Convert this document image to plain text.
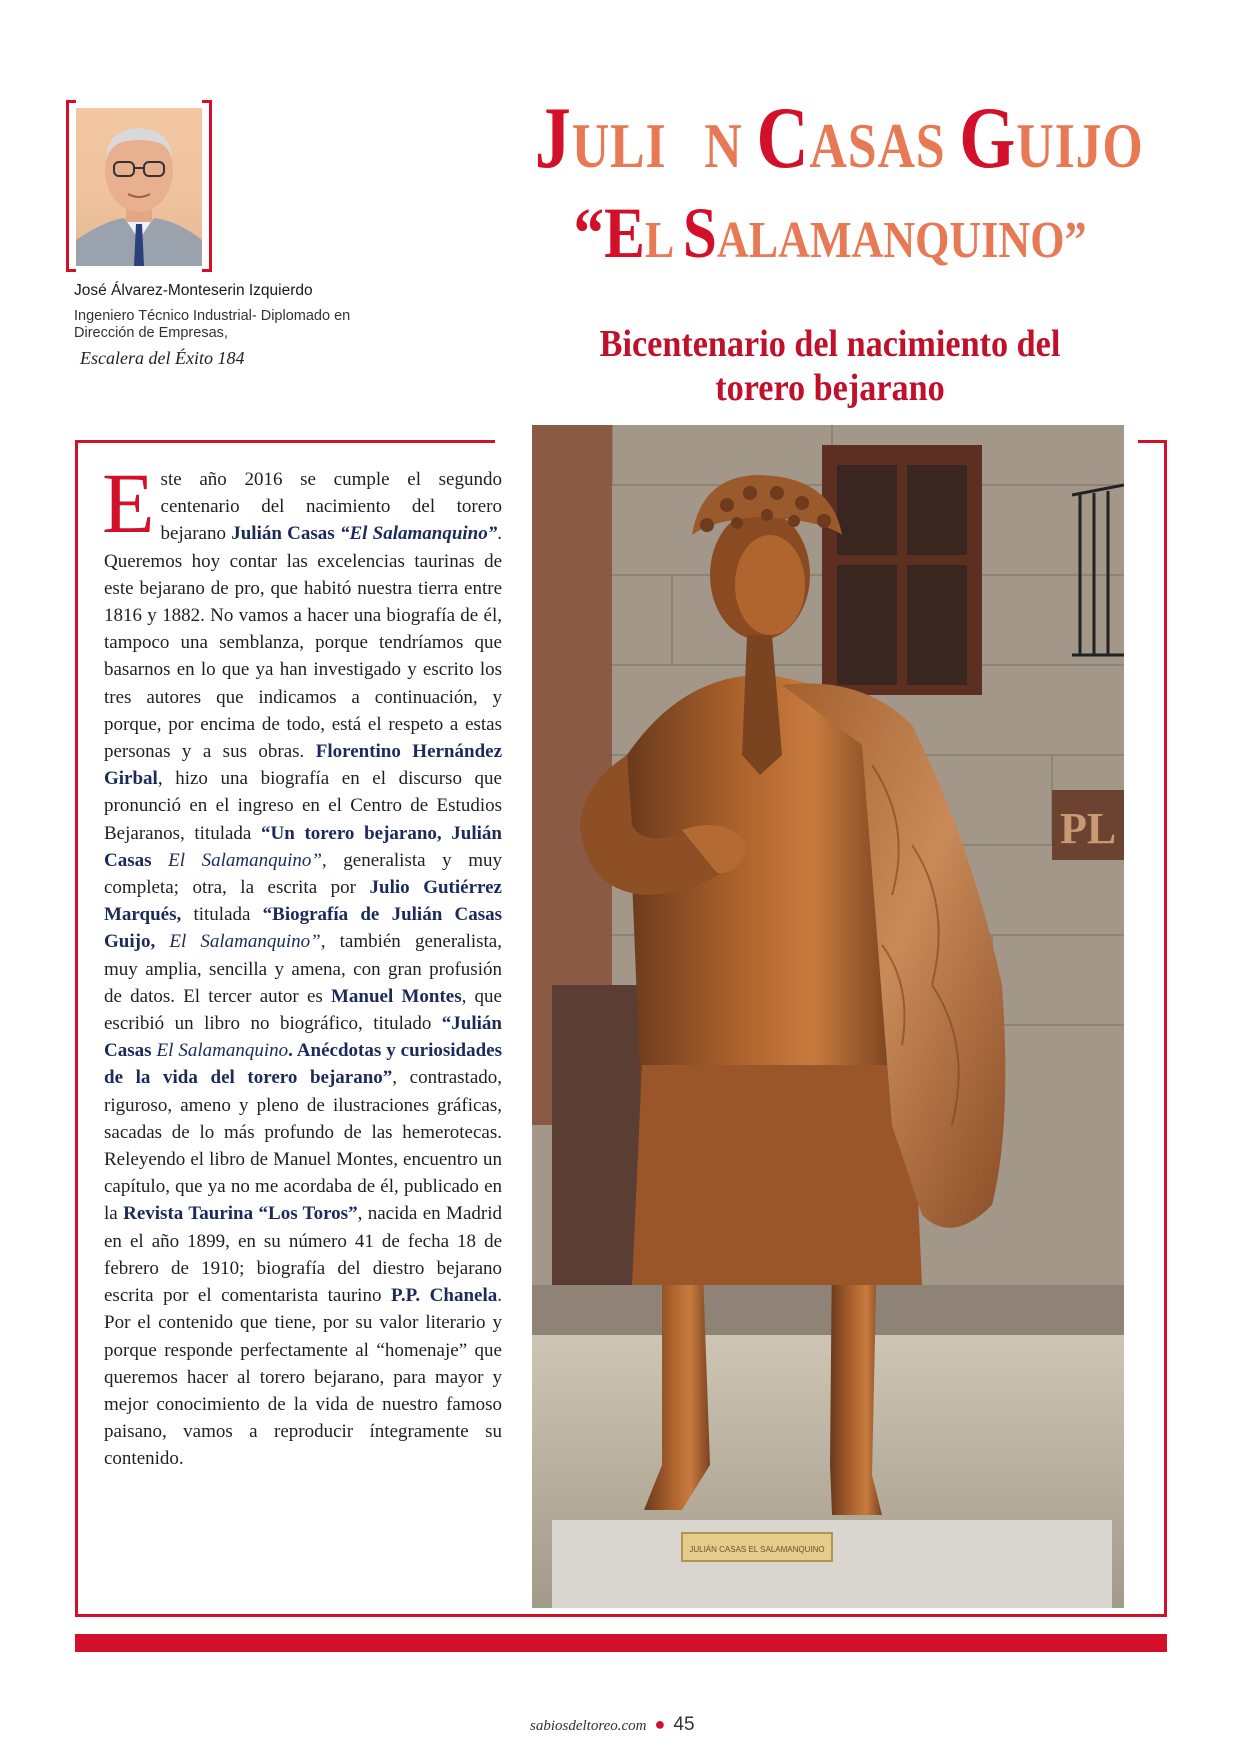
José Álvarez-Monteserin Izquierdo
Ingeniero Técnico Industrial- Diplomado en Dirección de Empresas,
Escalera del Éxito 184
JULI N CASAS GUIJO
“EL SALAMANQUINO”
Bicentenario del nacimiento del torero bejarano
Este año 2016 se cumple el segundo centenario del nacimiento del torero bejarano Julián Casas “El Salamanquino”. Queremos hoy contar las excelencias taurinas de este bejarano de pro, que habitó nuestra tierra entre 1816 y 1882. No vamos a hacer una biografía de él, tampoco una semblanza, porque tendríamos que basarnos en lo que ya han investigado y escrito los tres autores que indicamos a continuación, y porque, por encima de todo, está el respeto a estas personas y a sus obras. Florentino Hernández Girbal, hizo una biografía en el discurso que pronunció en el ingreso en el Centro de Estudios Bejaranos, titulada “Un torero bejarano, Julián Casas El Salamanquino”, generalista y muy completa; otra, la escrita por Julio Gutiérrez Marqués, titulada “Biografía de Julián Casas Guijo, El Salamanquino”, también generalista, muy amplia, sencilla y amena, con gran profusión de datos. El tercer autor es Manuel Montes, que escribió un libro no biográfico, titulado “Julián Casas El Salamanquino. Anécdotas y curiosidades de la vida del torero bejarano”, contrastado, riguroso, ameno y pleno de ilustraciones gráficas, sacadas de lo más profundo de las hemerotecas. Releyendo el libro de Manuel Montes, encuentro un capítulo, que ya no me acordaba de él, publicado en la Revista Taurina “Los Toros”, nacida en Madrid en el año 1899, en su número 41 de fecha 18 de febrero de 1910; biografía del diestro bejarano escrita por el comentarista taurino P.P. Chanela. Por el contenido que tiene, por su valor literario y porque responde perfectamente al “homenaje” que queremos hacer al torero bejarano, para mayor y mejor conocimiento de la vida de nuestro famoso paisano, vamos a reproducir íntegramente su contenido.
PL
JULIÁN CASAS EL SALAMANQUINO
sabiosdeltoreo.com ● 45
